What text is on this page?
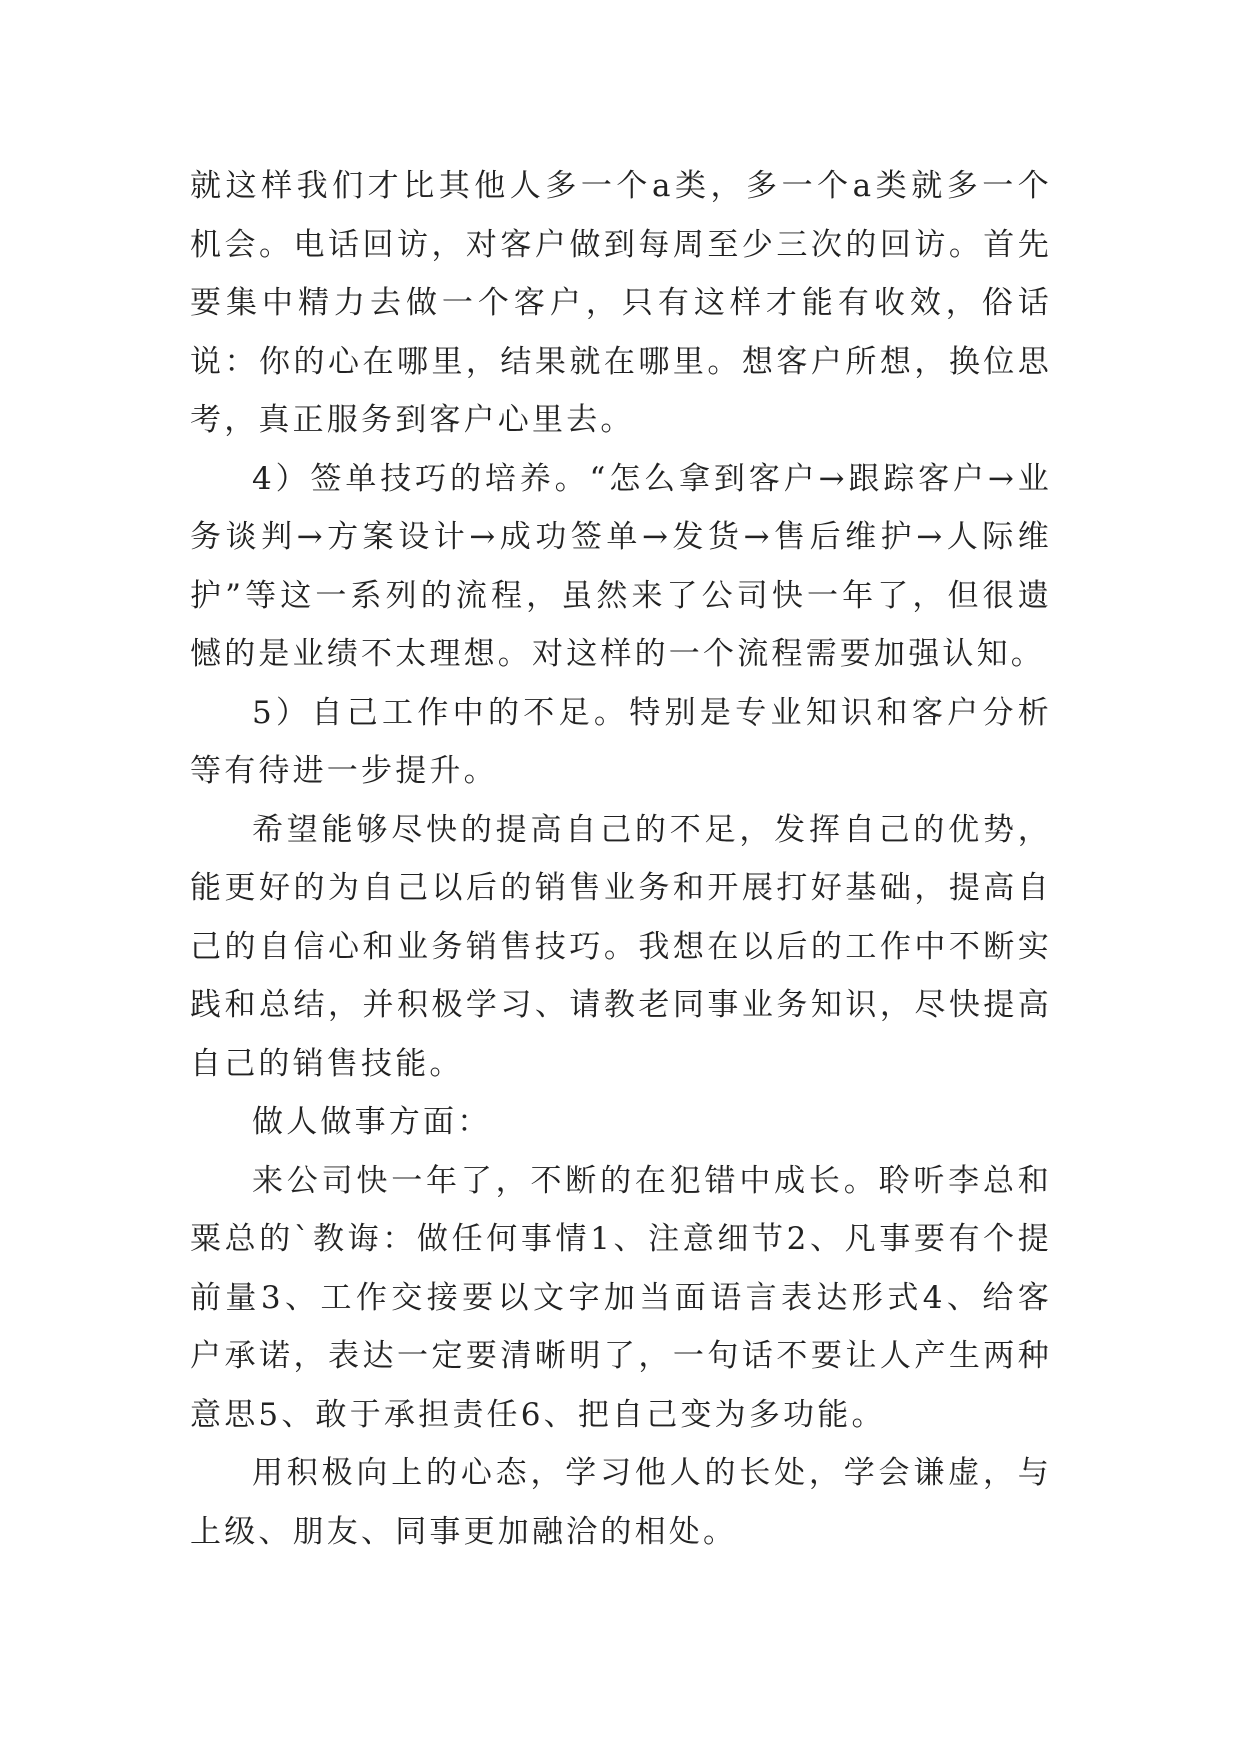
就这样我们才比其他人多一个a类，多一个a类就多一个机会。电话回访，对客户做到每周至少三次的回访。首先要集中精力去做一个客户，只有这样才能有收效，俗话说：你的心在哪里，结果就在哪里。想客户所想，换位思考，真正服务到客户心里去。

4）签单技巧的培养。“怎么拿到客户→跟踪客户→业务谈判→方案设计→成功签单→发货→售后维护→人际维护”等这一系列的流程，虽然来了公司快一年了，但很遗憾的是业绩不太理想。对这样的一个流程需要加强认知。

5）自己工作中的不足。特别是专业知识和客户分析等有待进一步提升。

希望能够尽快的提高自己的不足，发挥自己的优势，能更好的为自己以后的销售业务和开展打好基础，提高自己的自信心和业务销售技巧。我想在以后的工作中不断实践和总结，并积极学习、请教老同事业务知识，尽快提高自己的销售技能。

做人做事方面：

来公司快一年了，不断的在犯错中成长。聆听李总和粟总的`教诲：做任何事情1、注意细节2、凡事要有个提前量3、工作交接要以文字加当面语言表达形式4、给客户承诺，表达一定要清晰明了，一句话不要让人产生两种意思5、敢于承担责任6、把自己变为多功能。

用积极向上的心态，学习他人的长处，学会谦虚，与上级、朋友、同事更加融洽的相处。
